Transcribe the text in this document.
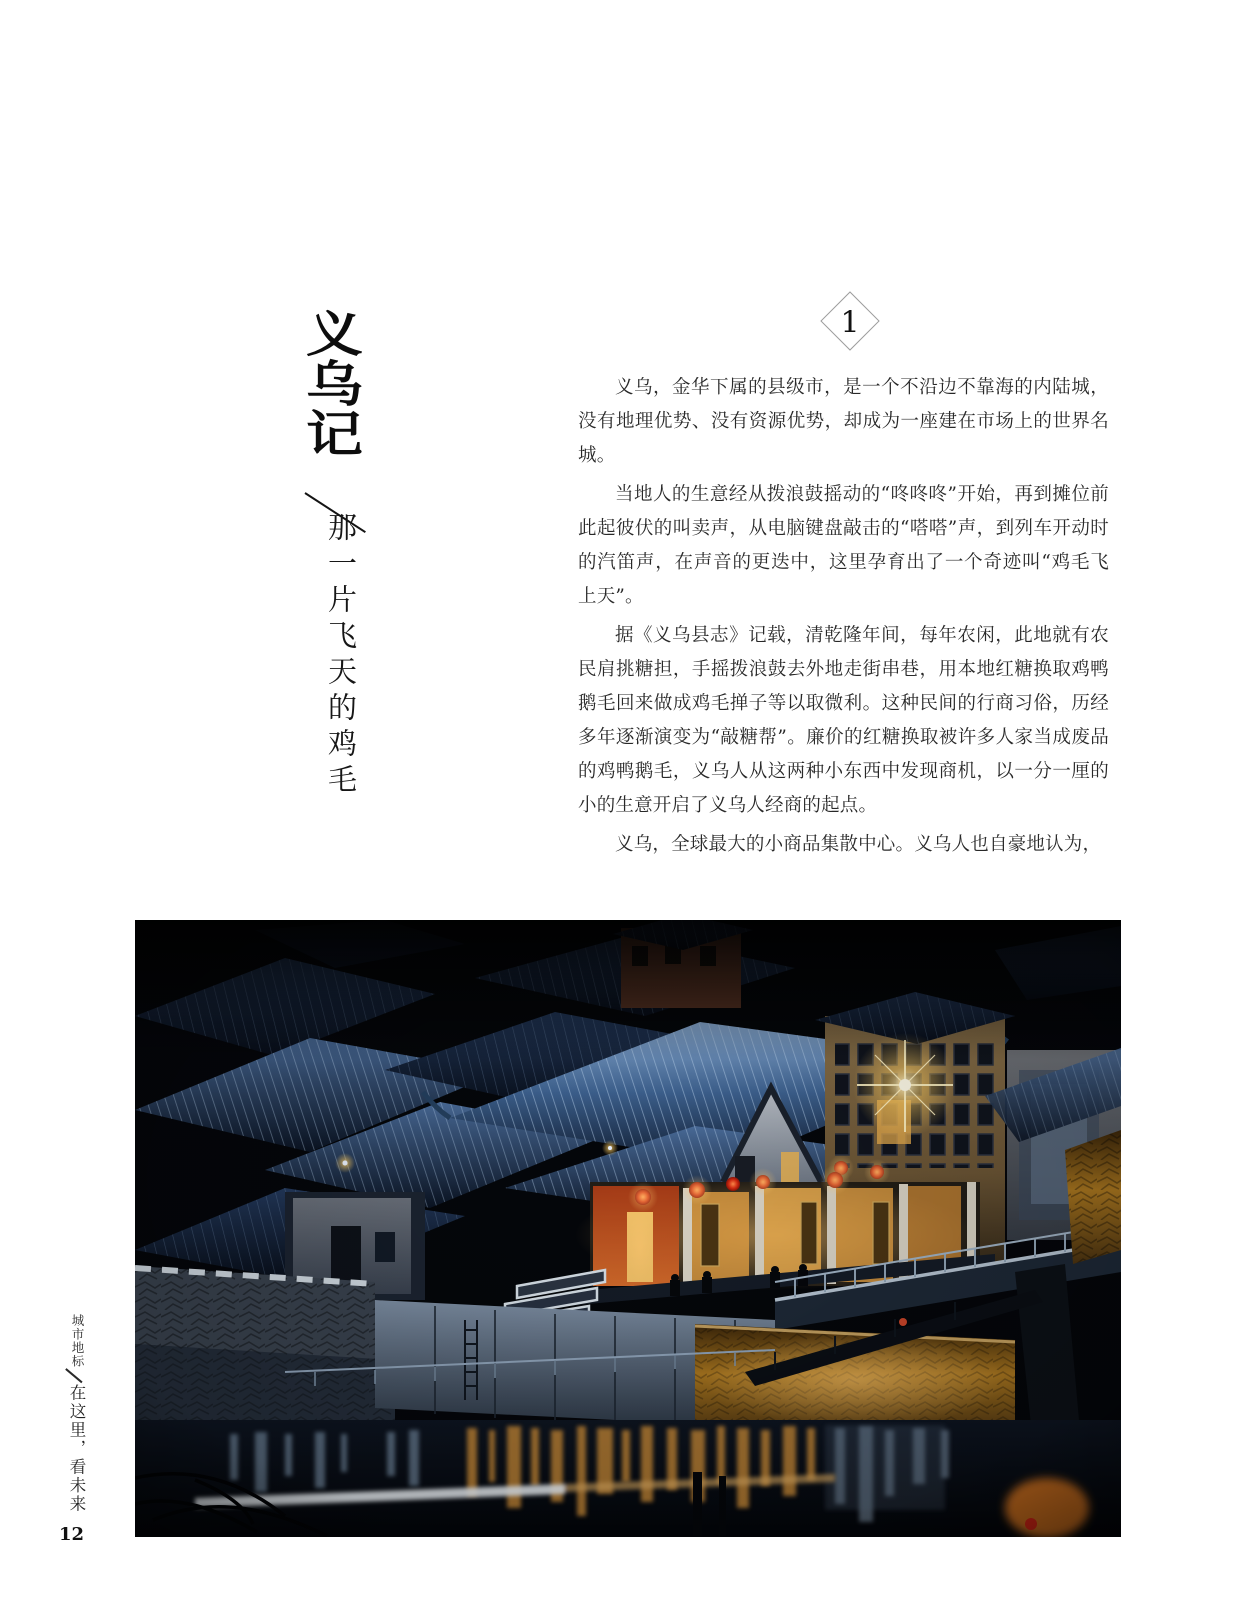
1
义乌记
那一片飞天的鸡毛

义乌，金华下属的县级市，是一个不沿边不靠海的内陆城，没有地理优势、没有资源优势，却成为一座建在市场上的世界名城。

当地人的生意经从拨浪鼓摇动的“咚咚咚”开始，再到摊位前此起彼伏的叫卖声，从电脑键盘敲击的“嗒嗒”声，到列车开动时的汽笛声，在声音的更迭中，这里孕育出了一个奇迹叫“鸡毛飞上天”。

据《义乌县志》记载，清乾隆年间，每年农闲，此地就有农民肩挑糖担，手摇拨浪鼓去外地走街串巷，用本地红糖换取鸡鸭鹅毛回来做成鸡毛掸子等以取微利。这种民间的行商习俗，历经多年逐渐演变为“敲糖帮”。廉价的红糖换取被许多人家当成废品的鸡鸭鹅毛，义乌人从这两种小东西中发现商机，以一分一厘的小的生意开启了义乌人经商的起点。

义乌，全球最大的小商品集散中心。义乌人也自豪地认为，

城市地标
在这里，看未来
12
